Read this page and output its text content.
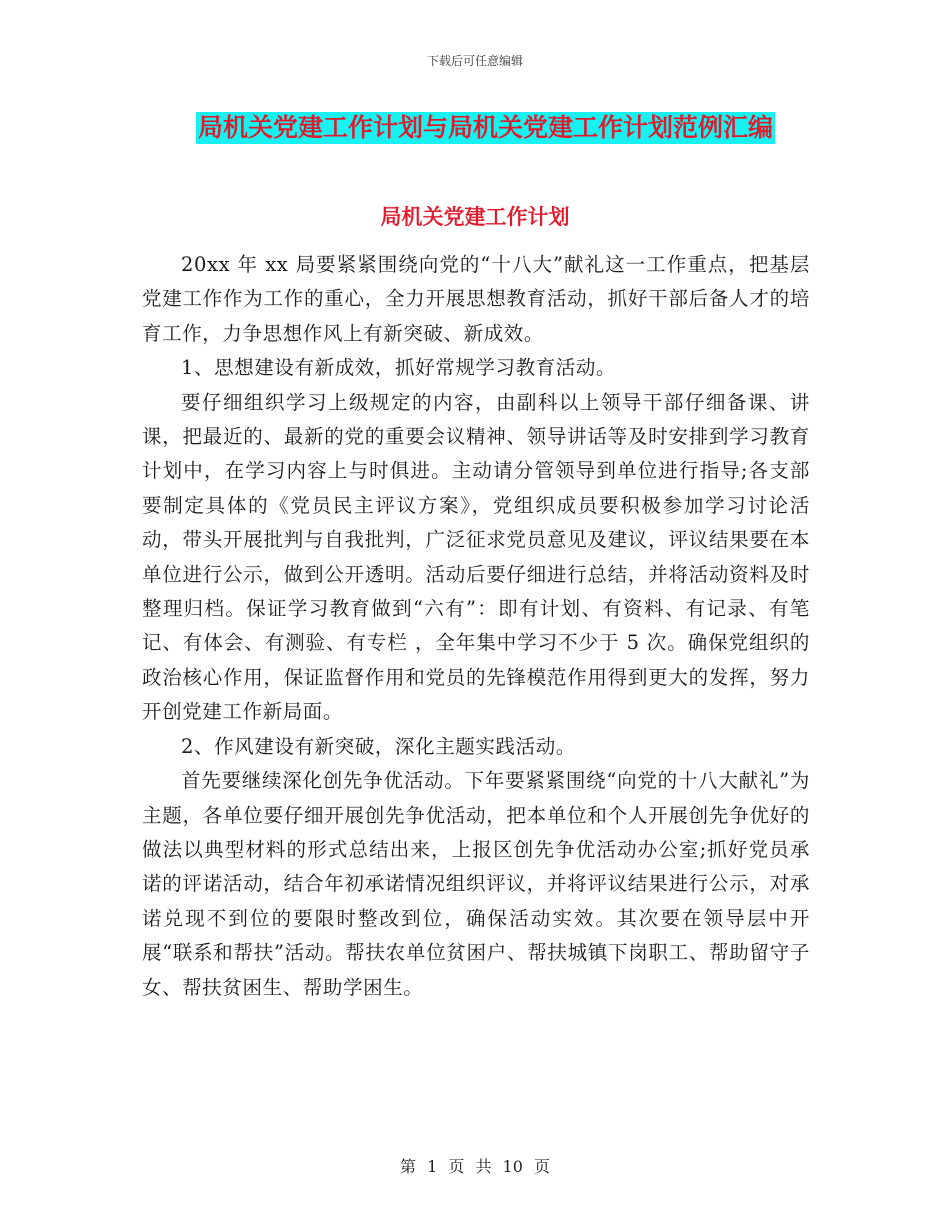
下载后可任意编辑
局机关党建工作计划与局机关党建工作计划范例汇编
局机关党建工作计划

20xx 年 xx 局要紧紧围绕向党的“十八大”献礼这一工作重点，把基层党建工作作为工作的重心，全力开展思想教育活动，抓好干部后备人才的培育工作，力争思想作风上有新突破、新成效。

1、思想建设有新成效，抓好常规学习教育活动。

要仔细组织学习上级规定的内容，由副科以上领导干部仔细备课、讲课，把最近的、最新的党的重要会议精神、领导讲话等及时安排到学习教育计划中，在学习内容上与时俱进。主动请分管领导到单位进行指导;各支部要制定具体的《党员民主评议方案》，党组织成员要积极参加学习讨论活动，带头开展批判与自我批判，广泛征求党员意见及建议，评议结果要在本单位进行公示，做到公开透明。活动后要仔细进行总结，并将活动资料及时整理归档。保证学习教育做到“六有”：即有计划、有资料、有记录、有笔记、有体会、有测验、有专栏 ，全年集中学习不少于 5 次。确保党组织的政治核心作用，保证监督作用和党员的先锋模范作用得到更大的发挥，努力开创党建工作新局面。

2、作风建设有新突破，深化主题实践活动。

首先要继续深化创先争优活动。下年要紧紧围绕“向党的十八大献礼”为主题，各单位要仔细开展创先争优活动，把本单位和个人开展创先争优好的做法以典型材料的形式总结出来，上报区创先争优活动办公室;抓好党员承诺的评诺活动，结合年初承诺情况组织评议，并将评议结果进行公示，对承诺兑现不到位的要限时整改到位，确保活动实效。其次要在领导层中开展“联系和帮扶”活动。帮扶农单位贫困户、帮扶城镇下岗职工、帮助留守子女、帮扶贫困生、帮助学困生。

第 1 页 共 10 页
